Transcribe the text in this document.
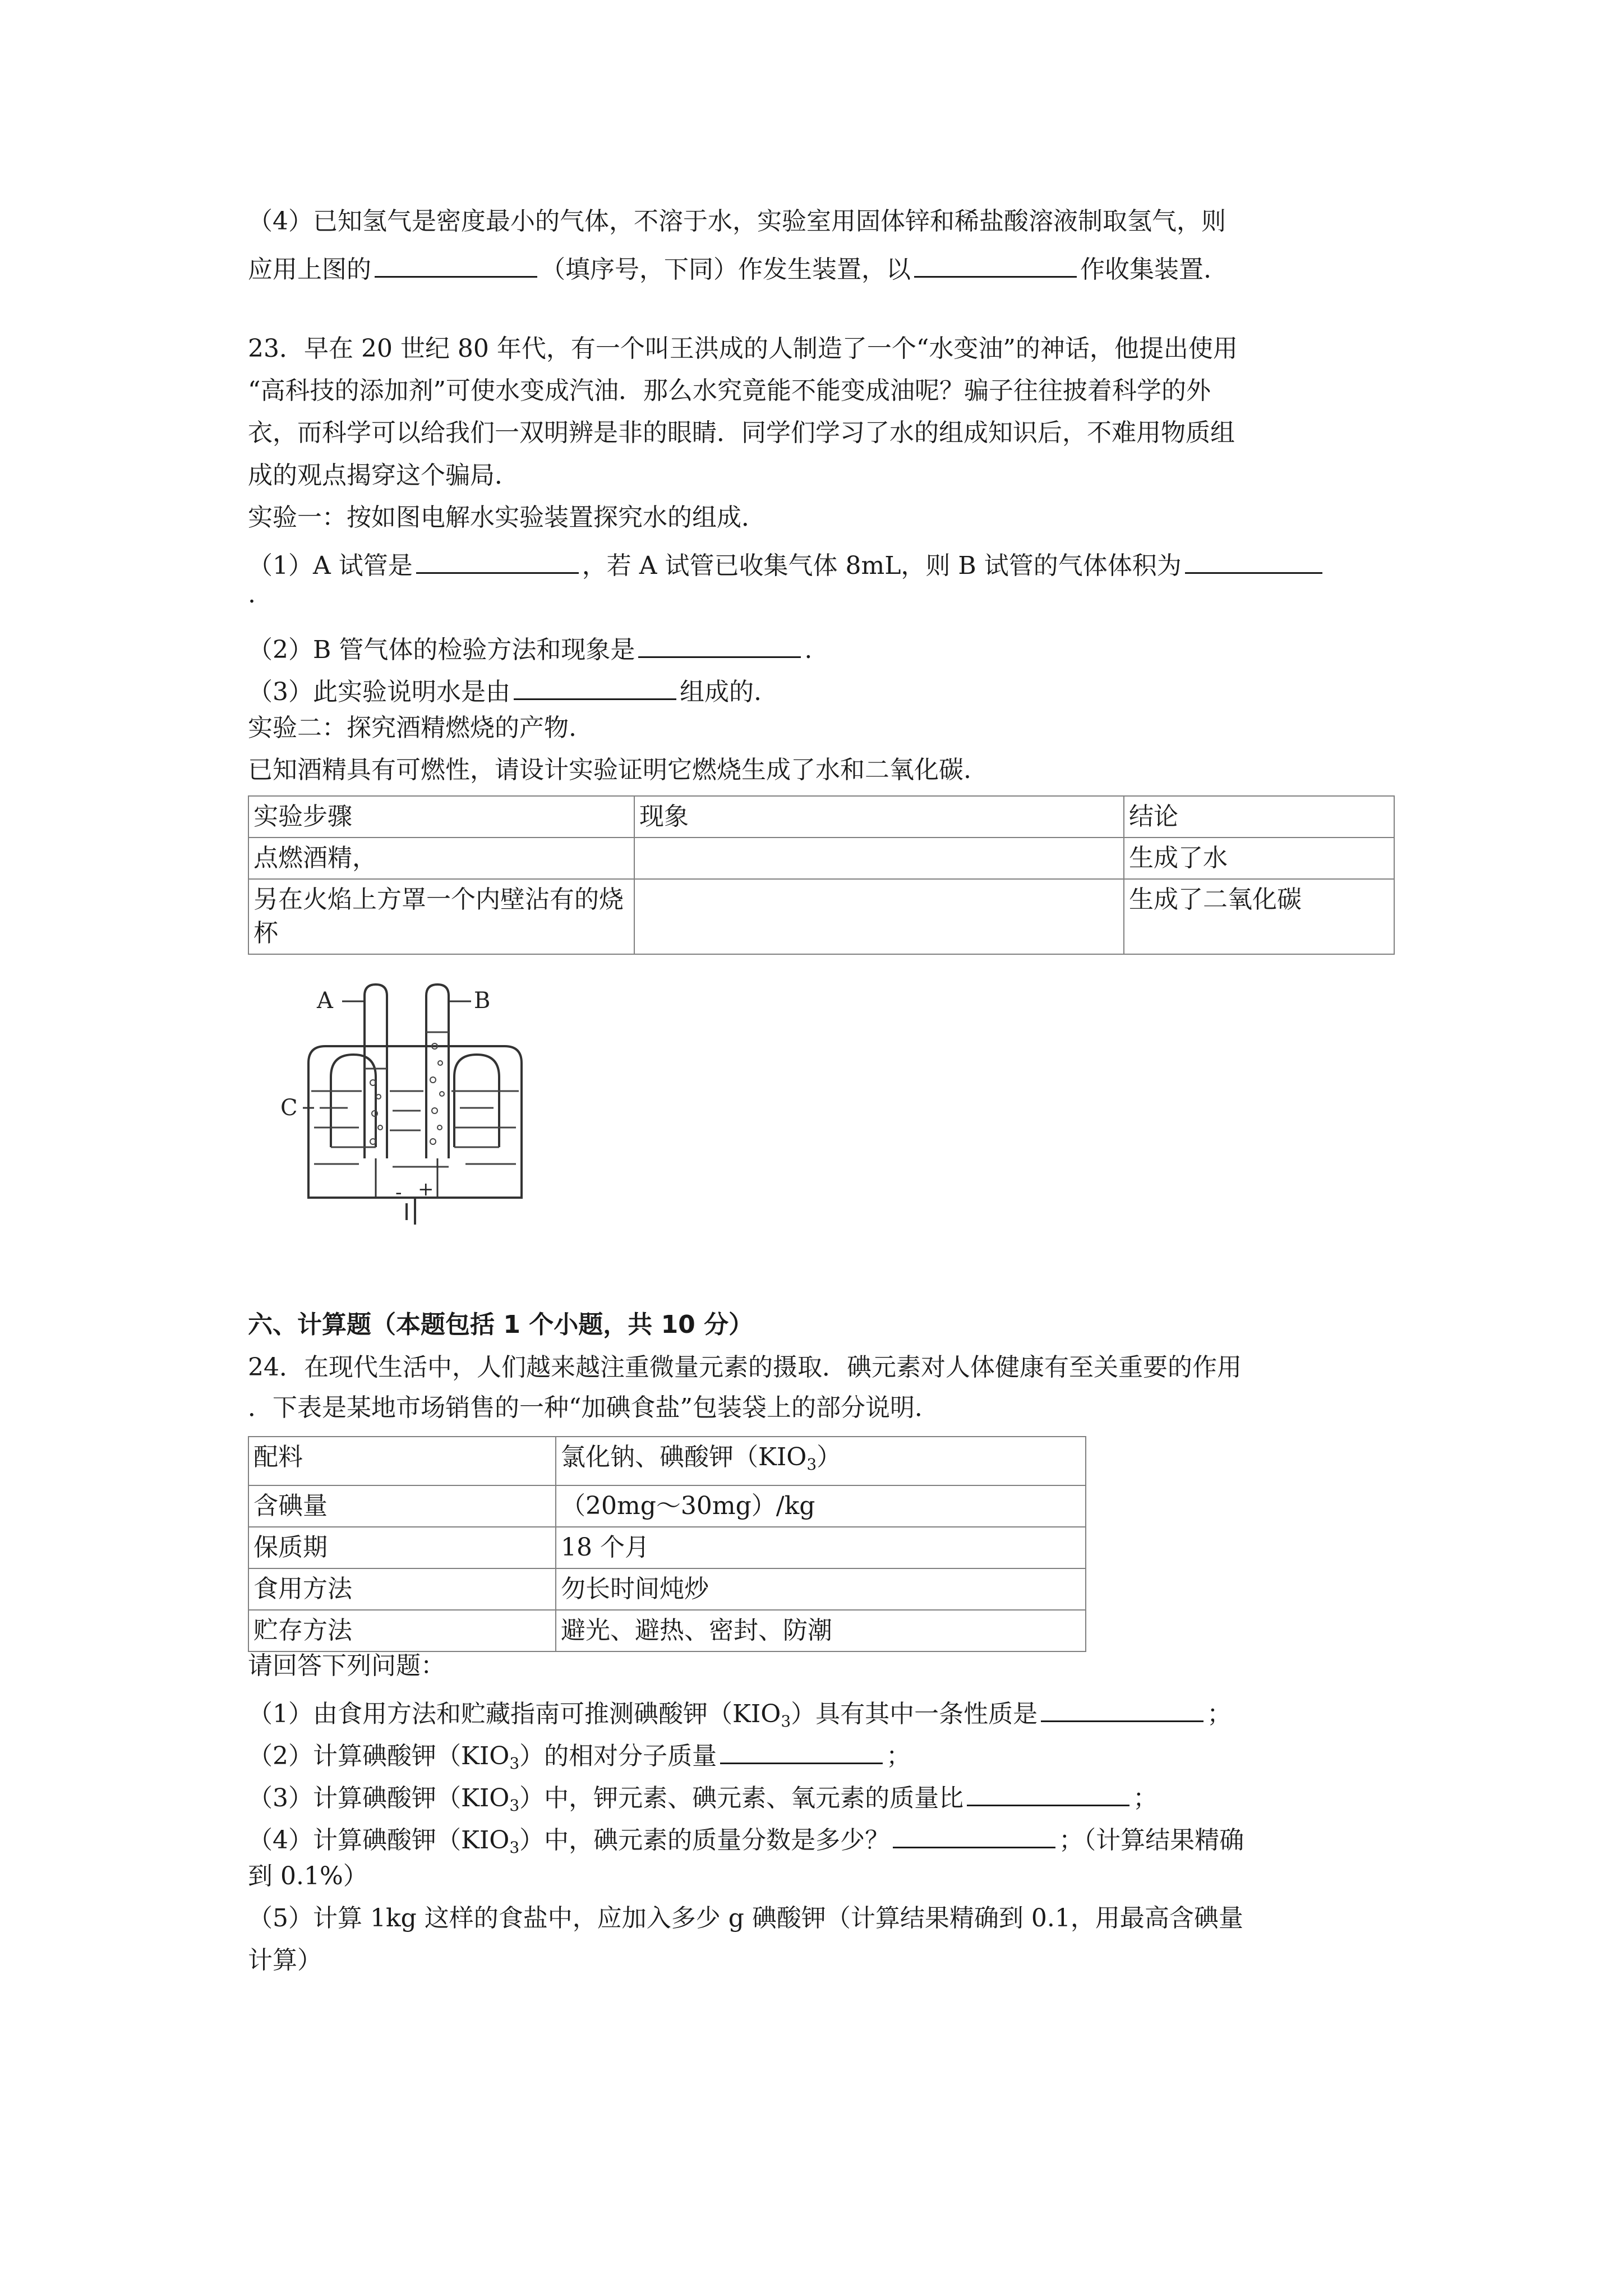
（4）已知氢气是密度最小的气体，不溶于水，实验室用固体锌和稀盐酸溶液制取氢气，则
应用上图的	（填序号，下同）作发生装置，以	作收集装置.
23．早在 20 世纪 80 年代，有一个叫王洪成的人制造了一个“水变油”的神话，他提出使用
“高科技的添加剂”可使水变成汽油．那么水究竟能不能变成油呢？骗子往往披着科学的外
衣，而科学可以给我们一双明辨是非的眼睛．同学们学习了水的组成知识后，不难用物质组
成的观点揭穿这个骗局．
实验一：按如图电解水实验装置探究水的组成．
（1）A 试管是	，若 A 试管已收集气体 8mL，则 B 试管的气体体积为
.
（2）B 管气体的检验方法和现象是	.
（3）此实验说明水是由	组成的.
实验二：探究酒精燃烧的产物.
已知酒精具有可燃性，请设计实验证明它燃烧生成了水和二氧化碳.
实验步骤	现象	结论
点燃酒精，		生成了水
另在火焰上方罩一个内壁沾有的烧杯		生成了二氧化碳
A	B
C
- +
六、计算题（本题包括 1 个小题，共 10 分）
24．在现代生活中，人们越来越注重微量元素的摄取．碘元素对人体健康有至关重要的作用
．下表是某地市场销售的一种“加碘食盐”包装袋上的部分说明．
配料	氯化钠、碘酸钾$(KIO_3)$
含碘量	（20mg～30mg）/kg
保质期	18 个月
食用方法	勿长时间炖炒
贮存方法	避光、避热、密封、防潮
请回答下列问题：
（1）由食用方法和贮藏指南可推测碘酸钾$(KIO_3)$具有其中一条性质是	；
（2）计算碘酸钾$(KIO_3)$的相对分子质量	；
（3）计算碘酸钾$(KIO_3)$中，钾元素、碘元素、氧元素的质量比	；
（4）计算碘酸钾$(KIO_3)$中，碘元素的质量分数是多少？	；（计算结果精确
到 0.1%）
（5）计算 1kg 这样的食盐中，应加入多少 g 碘酸钾（计算结果精确到 0.1，用最高含碘量
计算）
